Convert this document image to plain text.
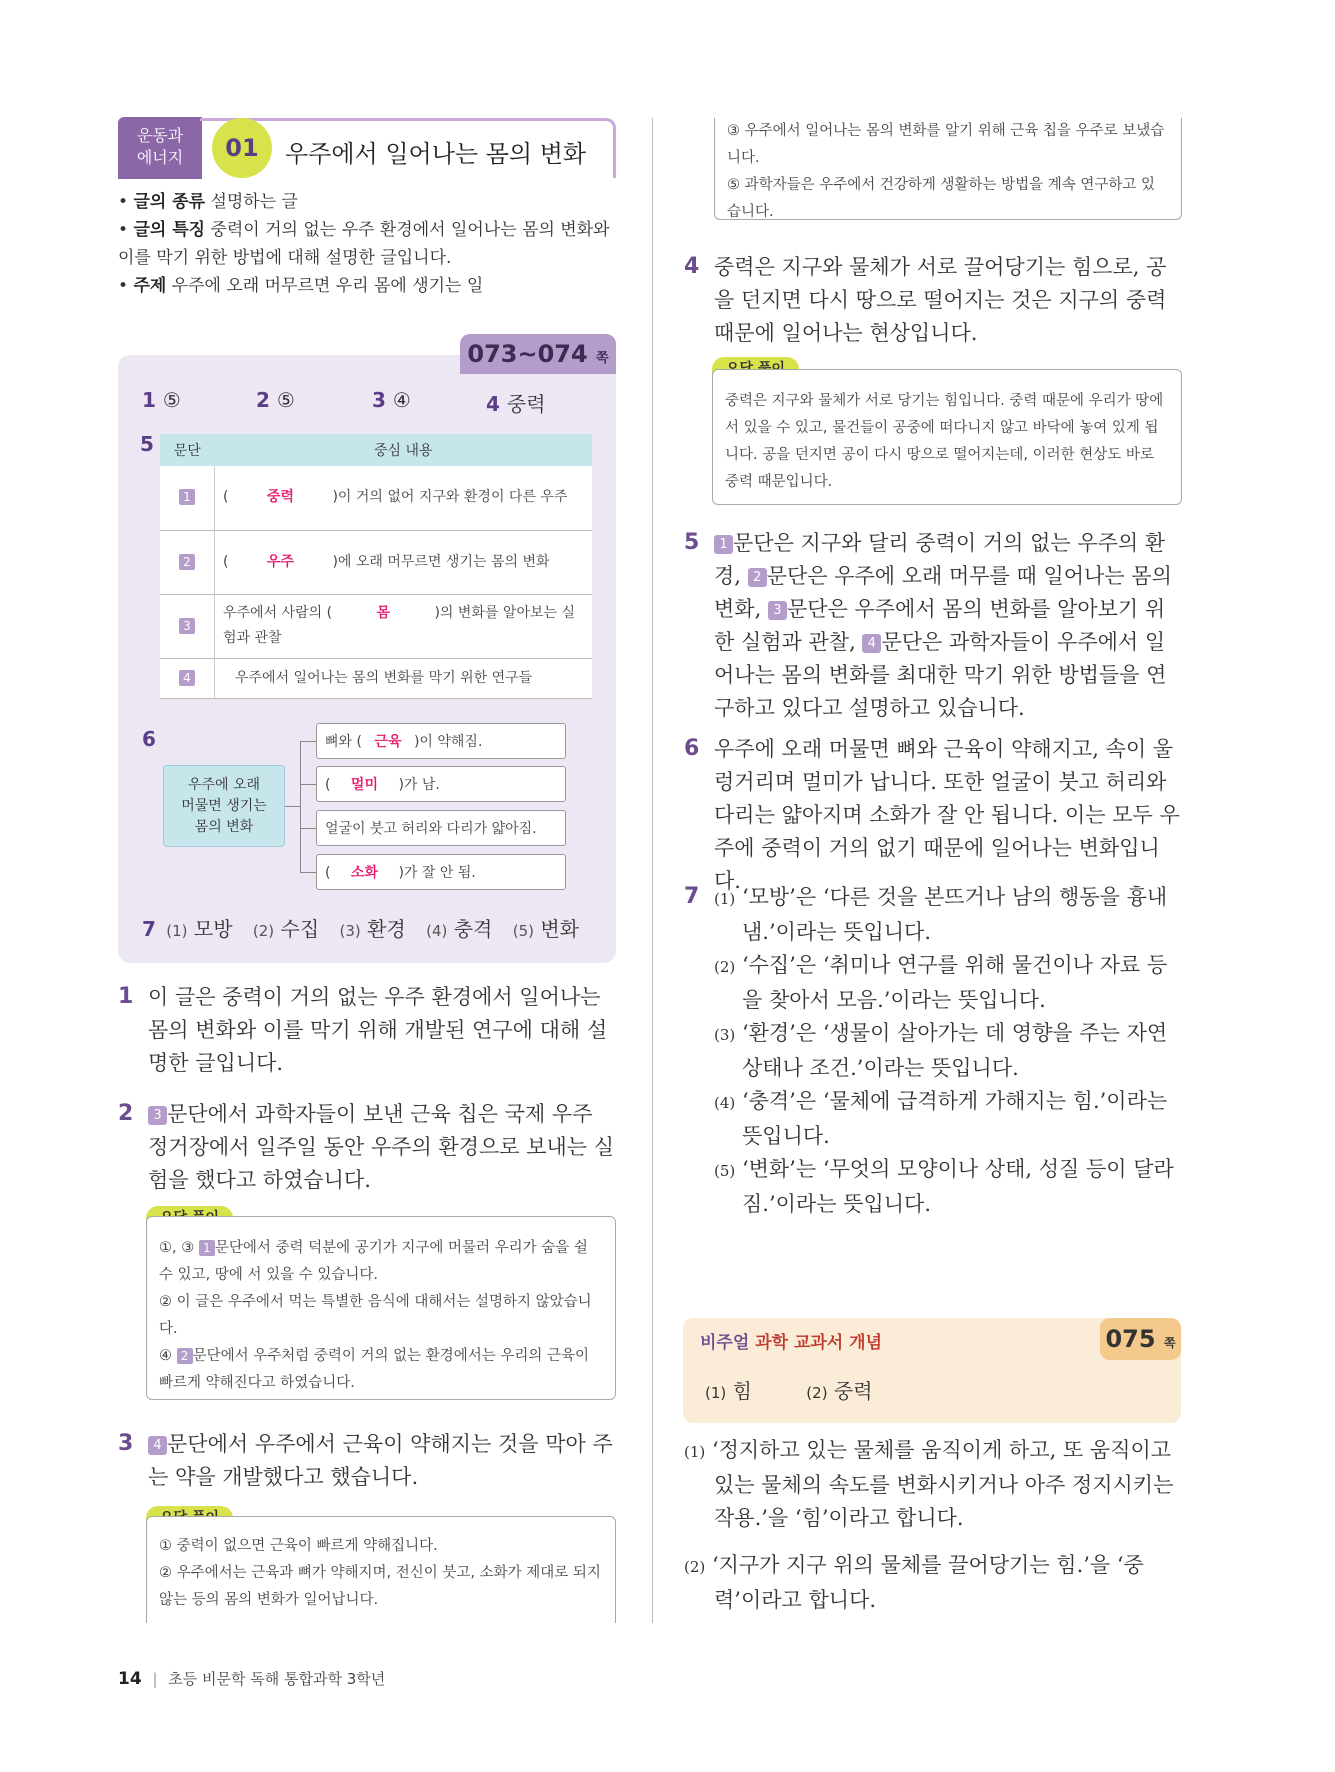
운동과
에너지	01	우주에서 일어나는 몸의 변화
• 글의 종류 설명하는 글
• 글의 특징 중력이 거의 없는 우주 환경에서 일어나는 몸의 변화와 이를 막기 위한 방법에 대해 설명한 글입니다.
• 주제 우주에 오래 머무르면 우리 몸에 생기는 일
073~074 쪽
1 ⑤	2 ⑤	3 ④	4 중력
5 문단	중심 내용
1	( 중력 )이 거의 없어 지구와 환경이 다른 우주
2	( 우주 )에 오래 머무르면 생기는 몸의 변화
3	우주에서 사람의 ( 몸 )의 변화를 알아보는 실험과 관찰
4	우주에서 일어나는 몸의 변화를 막기 위한 연구들
6
우주에 오래
머물면 생기는
몸의 변화
뼈와 ( 근육 )이 약해짐.
( 멀미 )가 남.
얼굴이 붓고 허리와 다리가 얇아짐.
( 소화 )가 잘 안 됨.
7 (1) 모방 (2) 수집 (3) 환경 (4) 충격 (5) 변화
1 이 글은 중력이 거의 없는 우주 환경에서 일어나는 몸의 변화와 이를 막기 위해 개발된 연구에 대해 설명한 글입니다.
2	3 문단에서 과학자들이 보낸 근육 칩은 국제 우주 정거장에서 일주일 동안 우주의 환경으로 보내는 실험을 했다고 하였습니다.
①, ③ 1 문단에서 중력 덕분에 공기가 지구에 머물러 우리가 숨을 쉴 수 있고, 땅에 서 있을 수 있습니다.
② 이 글은 우주에서 먹는 특별한 음식에 대해서는 설명하지 않았습니다.
④ 2 문단에서 우주처럼 중력이 거의 없는 환경에서는 우리의 근육이 빠르게 약해진다고 하였습니다.
3	4 문단에서 우주에서 근육이 약해지는 것을 막아 주는 약을 개발했다고 했습니다.
① 중력이 없으면 근육이 빠르게 약해집니다.
② 우주에서는 근육과 뼈가 약해지며, 전신이 붓고, 소화가 제대로 되지 않는 등의 몸의 변화가 일어납니다.
③ 우주에서 일어나는 몸의 변화를 알기 위해 근육 칩을 우주로 보냈습니다.
⑤ 과학자들은 우주에서 건강하게 생활하는 방법을 계속 연구하고 있습니다.
4 중력은 지구와 물체가 서로 끌어당기는 힘으로, 공을 던지면 다시 땅으로 떨어지는 것은 지구의 중력 때문에 일어나는 현상입니다.
중력은 지구와 물체가 서로 당기는 힘입니다. 중력 때문에 우리가 땅에 서 있을 수 있고, 물건들이 공중에 떠다니지 않고 바닥에 놓여 있게 됩니다. 공을 던지면 공이 다시 땅으로 떨어지는데, 이러한 현상도 바로 중력 때문입니다.
5	1 문단은 지구와 달리 중력이 거의 없는 우주의 환경, 2 문단은 우주에 오래 머무를 때 일어나는 몸의 변화, 3 문단은 우주에서 몸의 변화를 알아보기 위한 실험과 관찰, 4 문단은 과학자들이 우주에서 일어나는 몸의 변화를 최대한 막기 위한 방법들을 연구하고 있다고 설명하고 있습니다.
6 우주에 오래 머물면 뼈와 근육이 약해지고, 속이 울렁거리며 멀미가 납니다. 또한 얼굴이 붓고 허리와 다리는 얇아지며 소화가 잘 안 됩니다. 이는 모두 우주에 중력이 거의 없기 때문에 일어나는 변화입니다.
7 (1) ‘모방’은 ‘다른 것을 본뜨거나 남의 행동을 흉내 냄.’이라는 뜻입니다.
(2) ‘수집’은 ‘취미나 연구를 위해 물건이나 자료 등을 찾아서 모음.’이라는 뜻입니다.
(3) ‘환경’은 ‘생물이 살아가는 데 영향을 주는 자연 상태나 조건.’이라는 뜻입니다.
(4) ‘충격’은 ‘물체에 급격하게 가해지는 힘.’이라는 뜻입니다.
(5) ‘변화’는 ‘무엇의 모양이나 상태, 성질 등이 달라짐.’이라는 뜻입니다.
비주얼 과학 교과서 개념	075 쪽
(1) 힘	(2) 중력
(1) ‘정지하고 있는 물체를 움직이게 하고, 또 움직이고 있는 물체의 속도를 변화시키거나 아주 정지시키는 작용.’을 ‘힘’이라고 합니다.
(2) ‘지구가 지구 위의 물체를 끌어당기는 힘.’을 ‘중력’이라고 합니다.
14 | 초등 비문학 독해 통합과학 3학년
